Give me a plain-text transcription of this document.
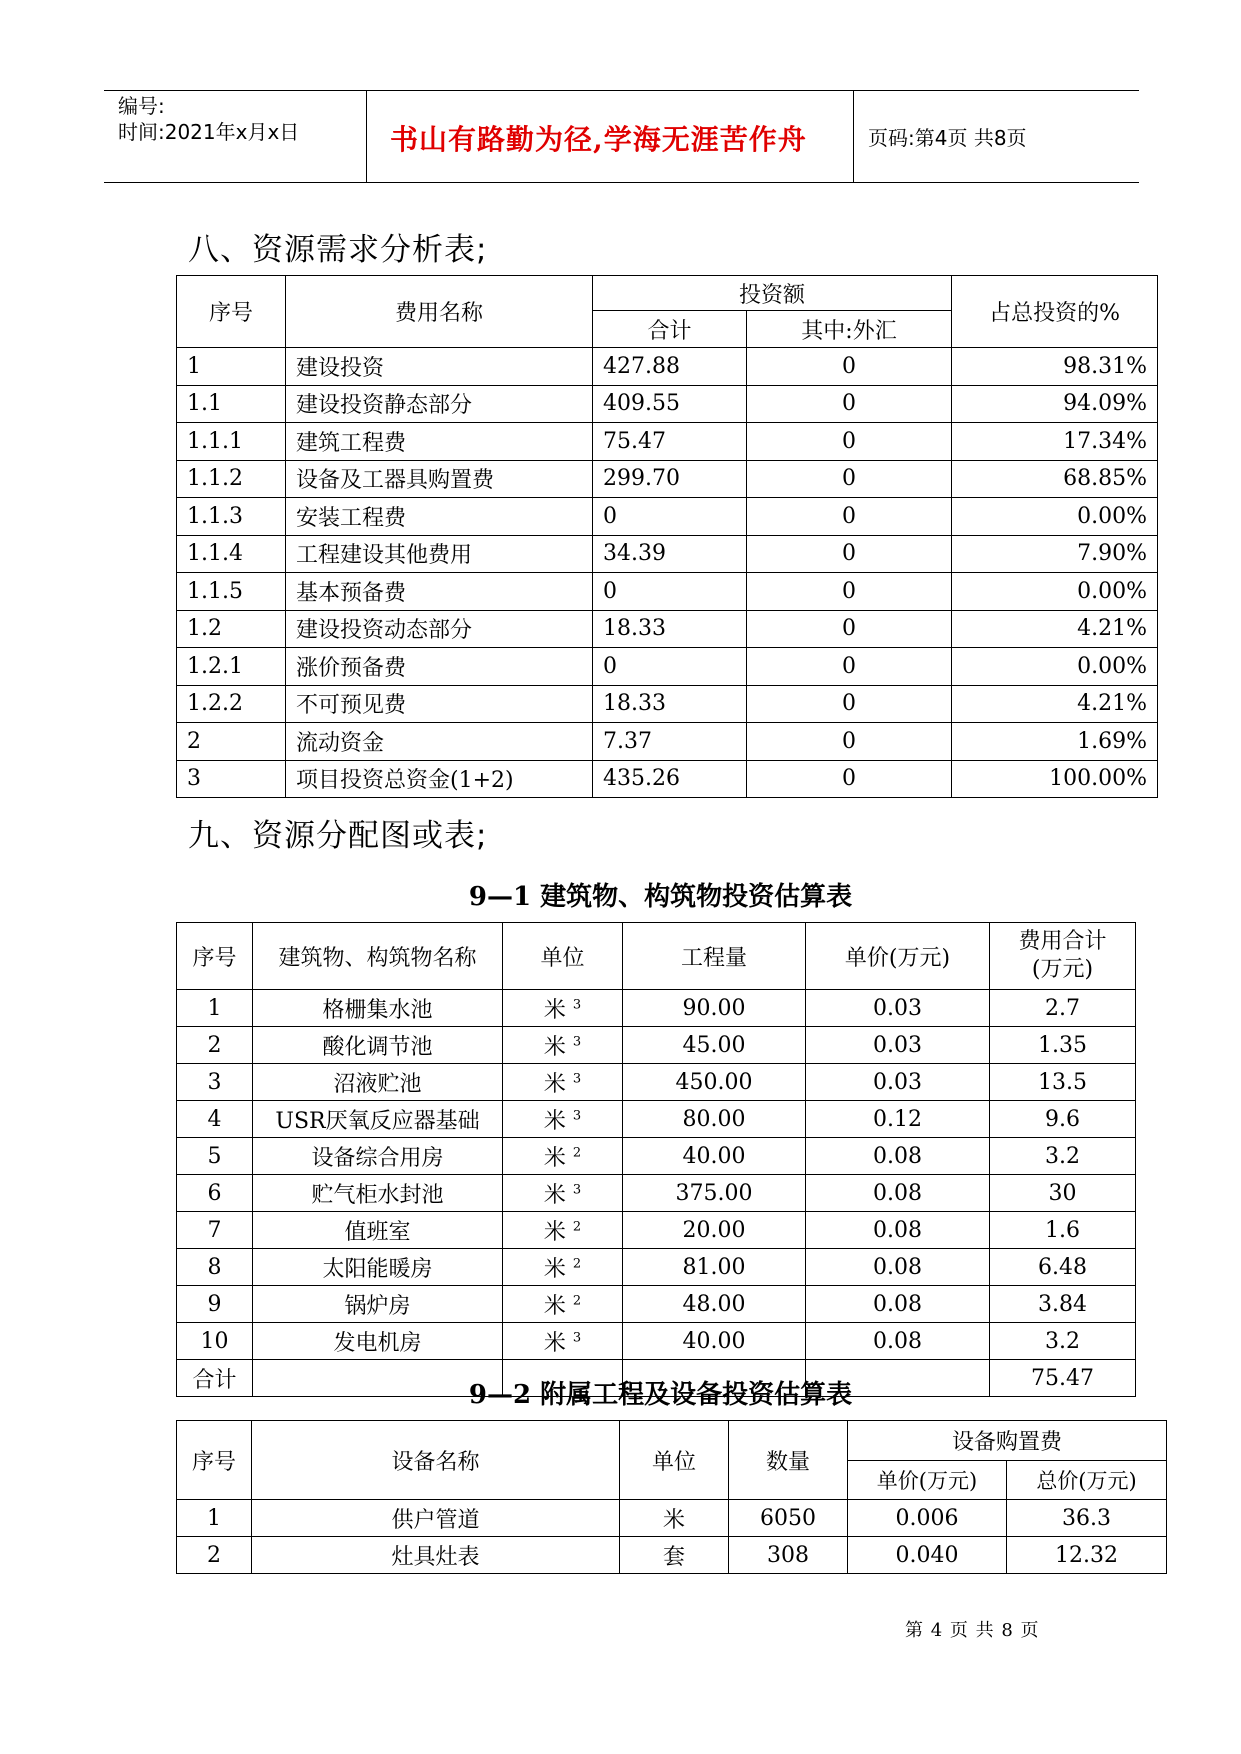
编号:
时间:2021年x月x日	书山有路勤为径,学海无涯苦作舟	页码:第4页 共8页
八、资源需求分析表;
序号	费用名称	投资额		占总投资的%
		合计	其中:外汇	
1	建设投资	427.88	0	98.31%
1.1	建设投资静态部分	409.55	0	94.09%
1.1.1	建筑工程费	75.47	0	17.34%
1.1.2	设备及工器具购置费	299.70	0	68.85%
1.1.3	安装工程费	0	0	0.00%
1.1.4	工程建设其他费用	34.39	0	7.90%
1.1.5	基本预备费	0	0	0.00%
1.2	建设投资动态部分	18.33	0	4.21%
1.2.1	涨价预备费	0	0	0.00%
1.2.2	不可预见费	18.33	0	4.21%
2	流动资金	7.37	0	1.69%
3	项目投资总资金(1+2)	435.26	0	100.00%
九、资源分配图或表;
9—1 建筑物、构筑物投资估算表
序号	建筑物、构筑物名称	单位	工程量	单价(万元)	费用合计
(万元)

1	格栅集水池	米 $^3$	90.00	0.03	2.7
2	酸化调节池	米 $^3$	45.00	0.03	1.35
3	沼液贮池	米 $^3$	450.00	0.03	13.5
4	USR厌氧反应器基础	米 $^3$	80.00	0.12	9.6
5	设备综合用房	米 $^2$	40.00	0.08	3.2
6	贮气柜水封池	米 $^3$	375.00	0.08	30
7	值班室	米 $^2$	20.00	0.08	1.6
8	太阳能暖房	米 $^2$	81.00	0.08	6.48
9	锅炉房	米 $^2$	48.00	0.08	3.84
10	发电机房	米 $^3$	40.00	0.08	3.2
合计					75.47
9—2 附属工程及设备投资估算表
序号	设备名称	单位	数量	设备购置费	
				单价(万元)	总价(万元)
1	供户管道	米	6050	0.006	36.3
2	灶具灶表	套	308	0.040	12.32
第 4 页 共 8 页
